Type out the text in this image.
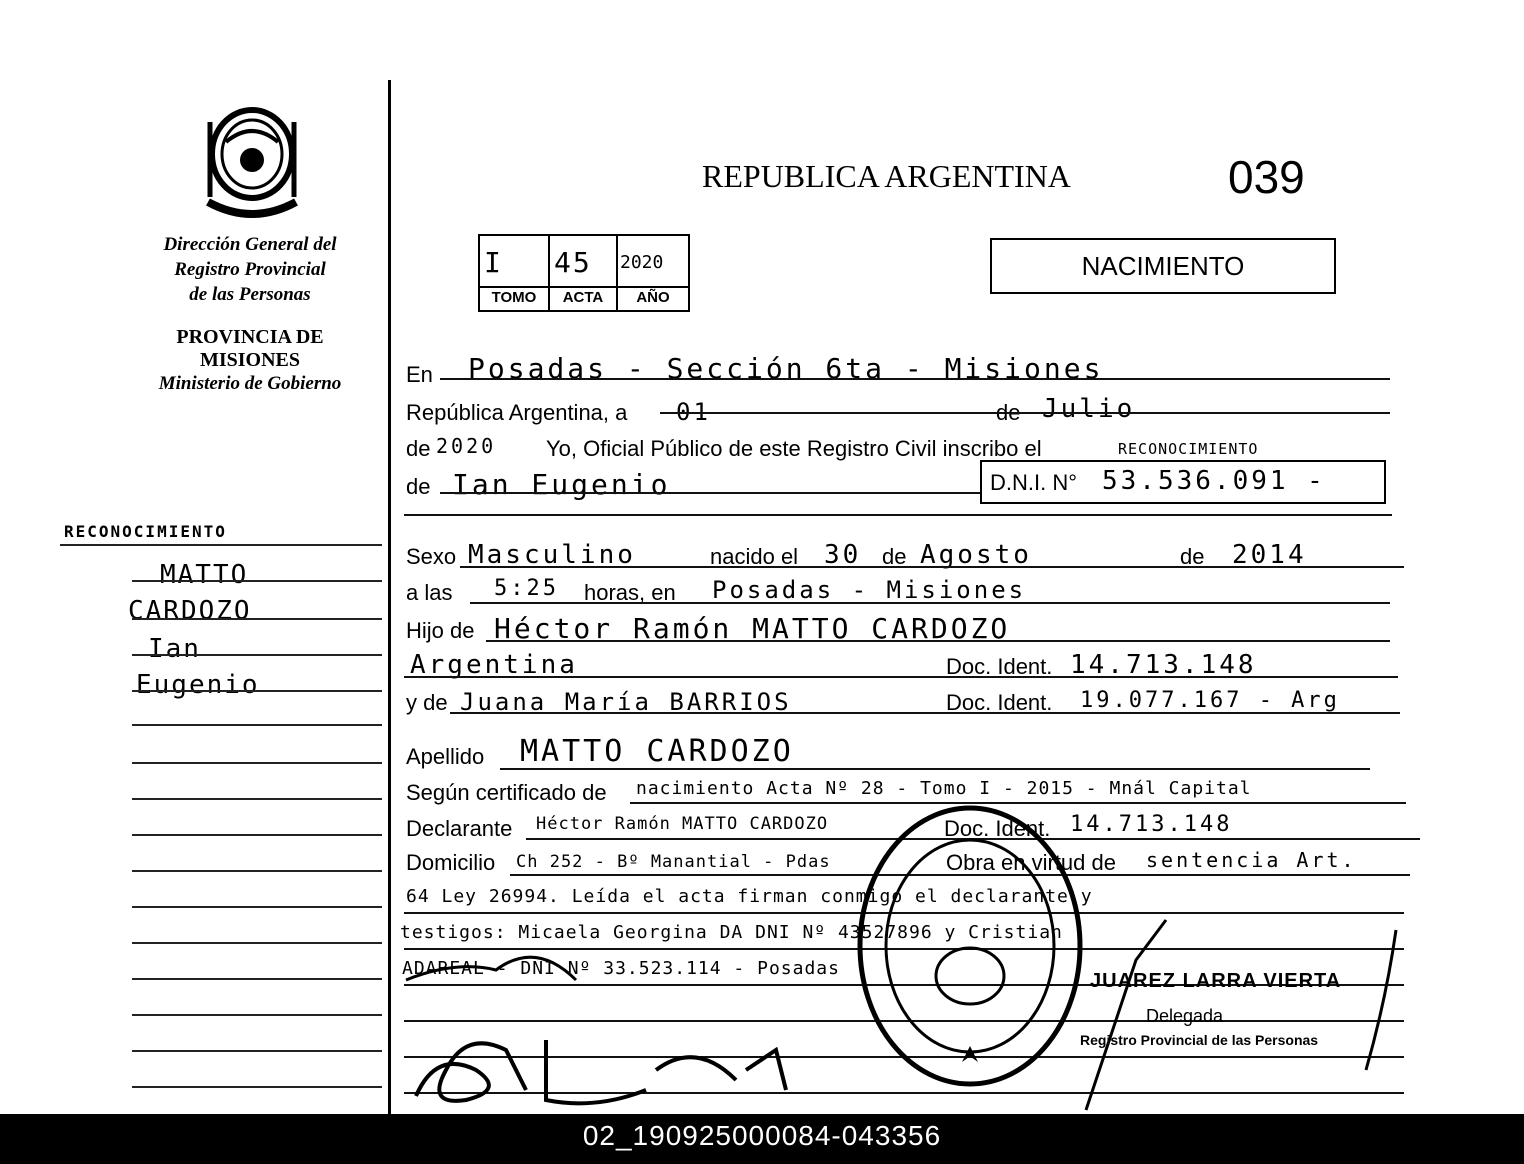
Dirección General del
Registro Provincial
de las Personas
PROVINCIA DE
MISIONES
Ministerio de Gobierno
RECONOCIMIENTO
MATTO
CARDOZO
Ian
Eugenio
REPUBLICA ARGENTINA	039
I	45	2020
TOMO	ACTA	AÑO
NACIMIENTO
En Posadas - Sección 6ta - Misiones
República Argentina, a 01	de Julio
de 2020 Yo, Oficial Público de este Registro Civil inscribo el	RECONOCIMIENTO
de Ian Eugenio	D.N.I. N° 53.536.091 -
Sexo Masculino	nacido el 30 de Agosto	de 2014
a las 5:25 horas, en Posadas - Misiones
Hijo de Héctor Ramón MATTO CARDOZO
Argentina	Doc. Ident. 14.713.148
y de Juana María BARRIOS	Doc. Ident. 19.077.167 - Arg
Apellido MATTO CARDOZO
Según certificado de nacimiento Acta Nº 28 - Tomo I - 2015 - Mnál Capital
Declarante Héctor Ramón MATTO CARDOZO	Doc. Ident. 14.713.148
Domicilio Ch 252 - Bº Manantial - Pdas	Obra en virtud de sentencia Art.
64 Ley 26994. Leída el acta firman conmigo el declarante y
testigos: Micaela Georgina DA DNI Nº 43527896 y Cristian
ADAREAL - DNI Nº 33.523.114 - Posadas
JUAREZ LARRA VIERTA
Delegada
Registro Provincial de las Personas
02_190925000084-043356
